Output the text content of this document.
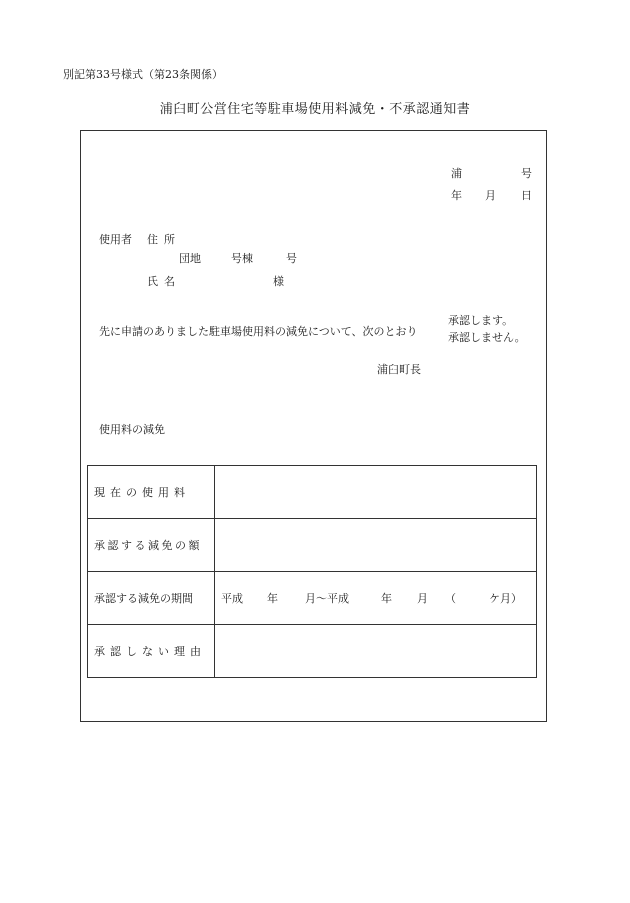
別記第33号様式（第23条関係）
浦臼町公営住宅等駐車場使用料減免・不承認通知書
浦	号
年 月 日
使用者 住所
団地	号棟	号
氏名	様
先に申請のありました駐車場使用料の減免について、次のとおり
承認します。
承認しません。
浦臼町長
使用料の減免
現在の使用料	
承認する減免の額	
承認する減免の期間	平成 年 月〜平成 年 月 （ ケ月）
承認しない理由	
